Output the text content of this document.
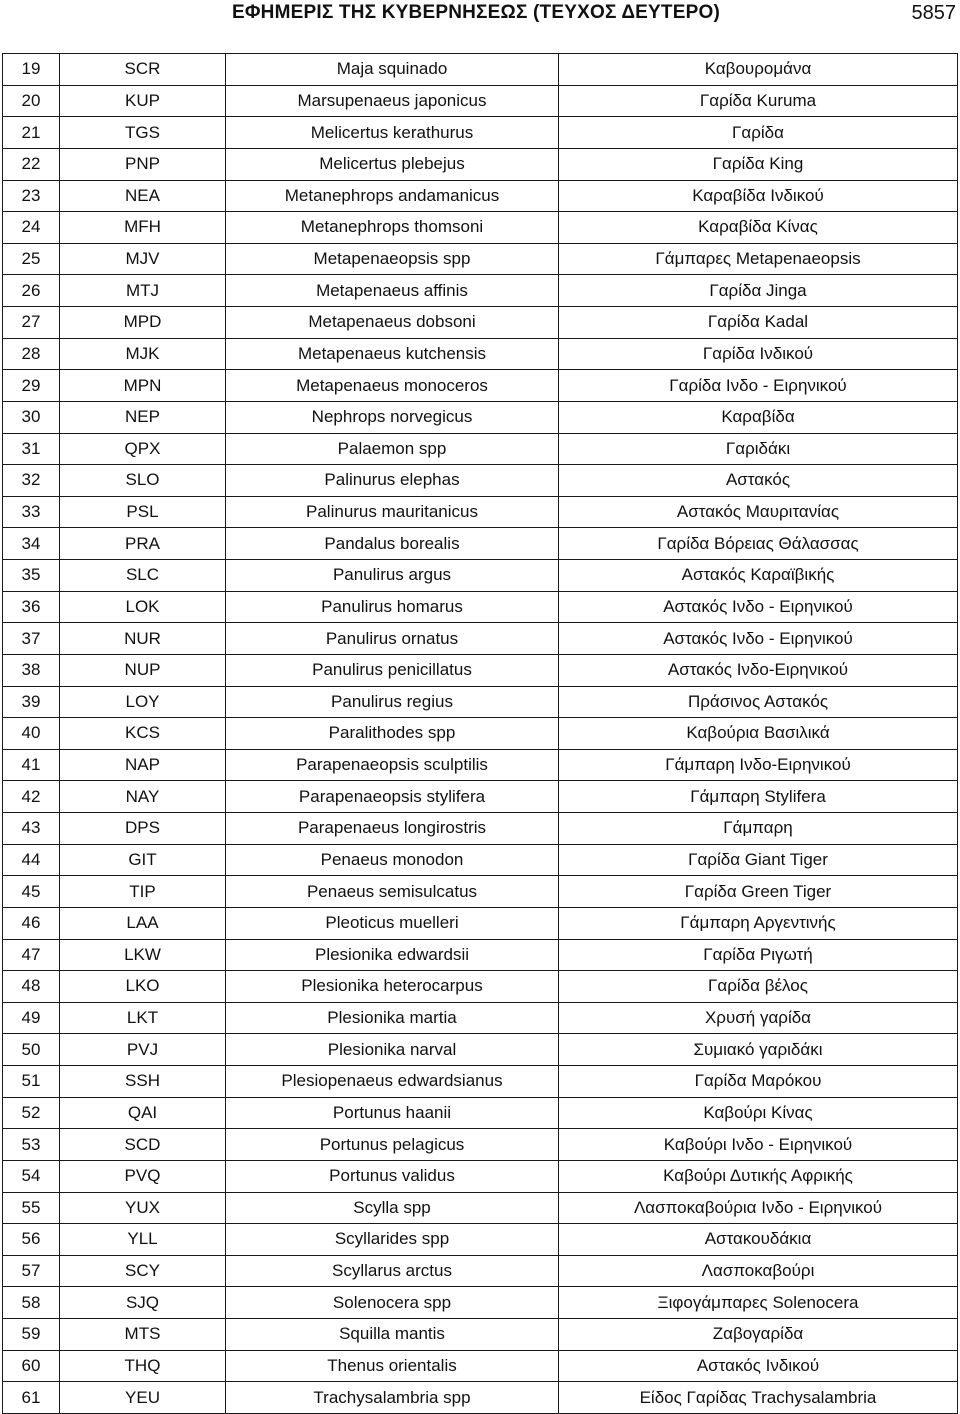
ΕΦΗΜΕΡΙΣ ΤΗΣ ΚΥΒΕΡΝΗΣΕΩΣ (ΤΕΥΧΟΣ ΔΕΥΤΕΡΟ)	5857
19	SCR	Maja squinado	Καβουρομάνα
20	KUP	Marsupenaeus japonicus	Γαρίδα Kuruma
21	TGS	Melicertus kerathurus	Γαρίδα
22	PNP	Melicertus plebejus	Γαρίδα King
23	NEA	Metanephrops andamanicus	Καραβίδα Ινδικού
24	MFH	Metanephrops thomsoni	Καραβίδα Κίνας
25	MJV	Metapenaeopsis spp	Γάμπαρες Metapenaeopsis
26	MTJ	Metapenaeus affinis	Γαρίδα Jinga
27	MPD	Metapenaeus dobsoni	Γαρίδα Kadal
28	MJK	Metapenaeus kutchensis	Γαρίδα Ινδικού
29	MPN	Metapenaeus monoceros	Γαρίδα Ινδο - Ειρηνικού
30	NEP	Nephrops norvegicus	Καραβίδα
31	QPX	Palaemon spp	Γαριδάκι
32	SLO	Palinurus elephas	Αστακός
33	PSL	Palinurus mauritanicus	Αστακός Μαυριτανίας
34	PRA	Pandalus borealis	Γαρίδα Βόρειας Θάλασσας
35	SLC	Panulirus argus	Αστακός Καραϊβικής
36	LOK	Panulirus homarus	Αστακός Ινδο - Ειρηνικού
37	NUR	Panulirus ornatus	Αστακός Ινδο - Ειρηνικού
38	NUP	Panulirus penicillatus	Αστακός Ινδο-Ειρηνικού
39	LOY	Panulirus regius	Πράσινος Αστακός
40	KCS	Paralithodes spp	Καβούρια Βασιλικά
41	NAP	Parapenaeopsis sculptilis	Γάμπαρη Ινδο-Ειρηνικού
42	NAY	Parapenaeopsis stylifera	Γάμπαρη Stylifera
43	DPS	Parapenaeus longirostris	Γάμπαρη
44	GIT	Penaeus monodon	Γαρίδα Giant Tiger
45	TIP	Penaeus semisulcatus	Γαρίδα Green Tiger
46	LAA	Pleoticus muelleri	Γάμπαρη Αργεντινής
47	LKW	Plesionika edwardsii	Γαρίδα Ριγωτή
48	LKO	Plesionika heterocarpus	Γαρίδα βέλος
49	LKT	Plesionika martia	Χρυσή γαρίδα
50	PVJ	Plesionika narval	Συμιακό γαριδάκι
51	SSH	Plesiopenaeus edwardsianus	Γαρίδα Μαρόκου
52	QAI	Portunus haanii	Καβούρι Κίνας
53	SCD	Portunus pelagicus	Καβούρι Ινδο - Ειρηνικού
54	PVQ	Portunus validus	Καβούρι Δυτικής Αφρικής
55	YUX	Scylla spp	Λασποκαβούρια Ινδο - Ειρηνικού
56	YLL	Scyllarides spp	Αστακουδάκια
57	SCY	Scyllarus arctus	Λασποκαβούρι
58	SJQ	Solenocera spp	Ξιφογάμπαρες Solenocera
59	MTS	Squilla mantis	Ζαβογαρίδα
60	THQ	Thenus orientalis	Αστακός Ινδικού
61	YEU	Trachysalambria spp	Είδος Γαρίδας Trachysalambria
